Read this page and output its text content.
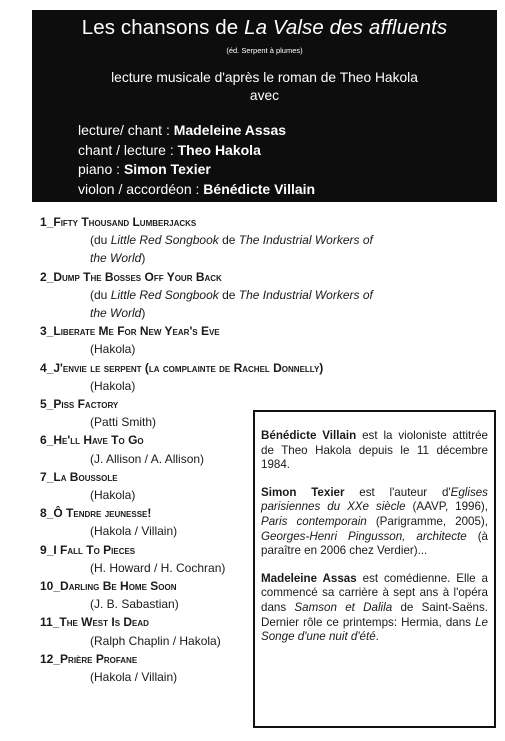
Les chansons de La Valse des affluents
(éd. Serpent à plumes)
lecture musicale d'après le roman de Theo Hakola
avec
lecture/ chant : Madeleine Assas
chant / lecture : Theo Hakola
piano : Simon Texier
violon / accordéon : Bénédicte Villain
1_Fifty Thousand Lumberjacks
(du Little Red Songbook de The Industrial Workers of the World)
2_Dump The Bosses Off Your Back
(du Little Red Songbook de The Industrial Workers of the World)
3_Liberate Me For New Year's Eve
(Hakola)
4_J'envie le serpent (la complainte de Rachel Donnelly)
(Hakola)
5_Piss Factory
(Patti Smith)
6_He'll Have To Go
(J. Allison / A. Allison)
7_La Boussole
(Hakola)
8_Ô Tendre jeunesse!
(Hakola / Villain)
9_I Fall To Pieces
(H. Howard / H. Cochran)
10_Darling Be Home Soon
(J. B. Sabastian)
11_The West Is Dead
(Ralph Chaplin / Hakola)
12_Prière Profane
(Hakola / Villain)

Bénédicte Villain est la violoniste attitrée de Theo Hakola depuis le 11 décembre 1984.

Simon Texier est l'auteur d'Eglises parisiennes du XXe siècle (AAVP, 1996), Paris contemporain (Parigramme, 2005), Georges-Henri Pingusson, architecte (à paraître en 2006 chez Verdier)...

Madeleine Assas est comédienne. Elle a commencé sa carrière à sept ans à l'opéra dans Samson et Dalila de Saint-Saëns. Dernier rôle ce printemps: Hermia, dans Le Songe d'une nuit d'été.
